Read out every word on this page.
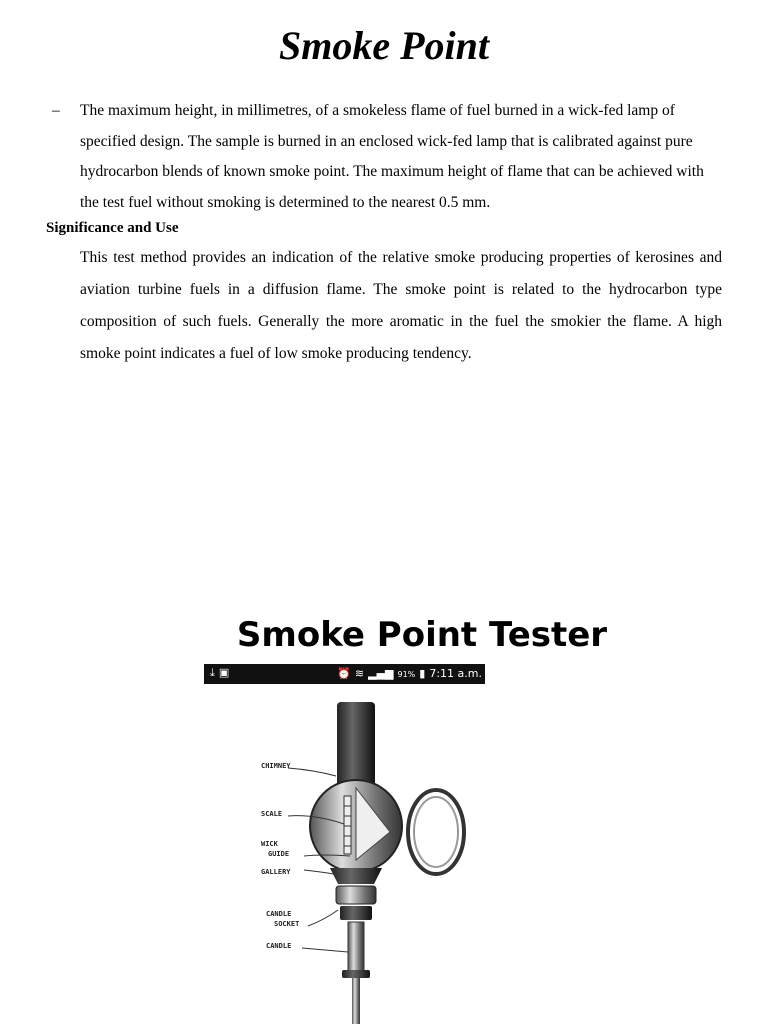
Smoke Point
–	The maximum height, in millimetres, of a smokeless flame of fuel burned in a wick-fed lamp of specified design. The sample is burned in an enclosed wick-fed lamp that is calibrated against pure hydrocarbon blends of known smoke point. The maximum height of flame that can be achieved with the test fuel without smoking is determined to the nearest 0.5 mm.
Significance and Use

This test method provides an indication of the relative smoke producing properties of kerosines and aviation turbine fuels in a diffusion flame. The smoke point is related to the hydrocarbon type composition of such fuels. Generally the more aromatic in the fuel the smokier the flame. A high smoke point indicates a fuel of low smoke producing tendency.

Smoke Point Tester
⤓▣	⏰ ≋ ▂▄▆ 91% ▮ 7:11 a.m.
CHIMNEY
SCALE
WICK
GUIDE
GALLERY
CANDLE
SOCKET
CANDLE
